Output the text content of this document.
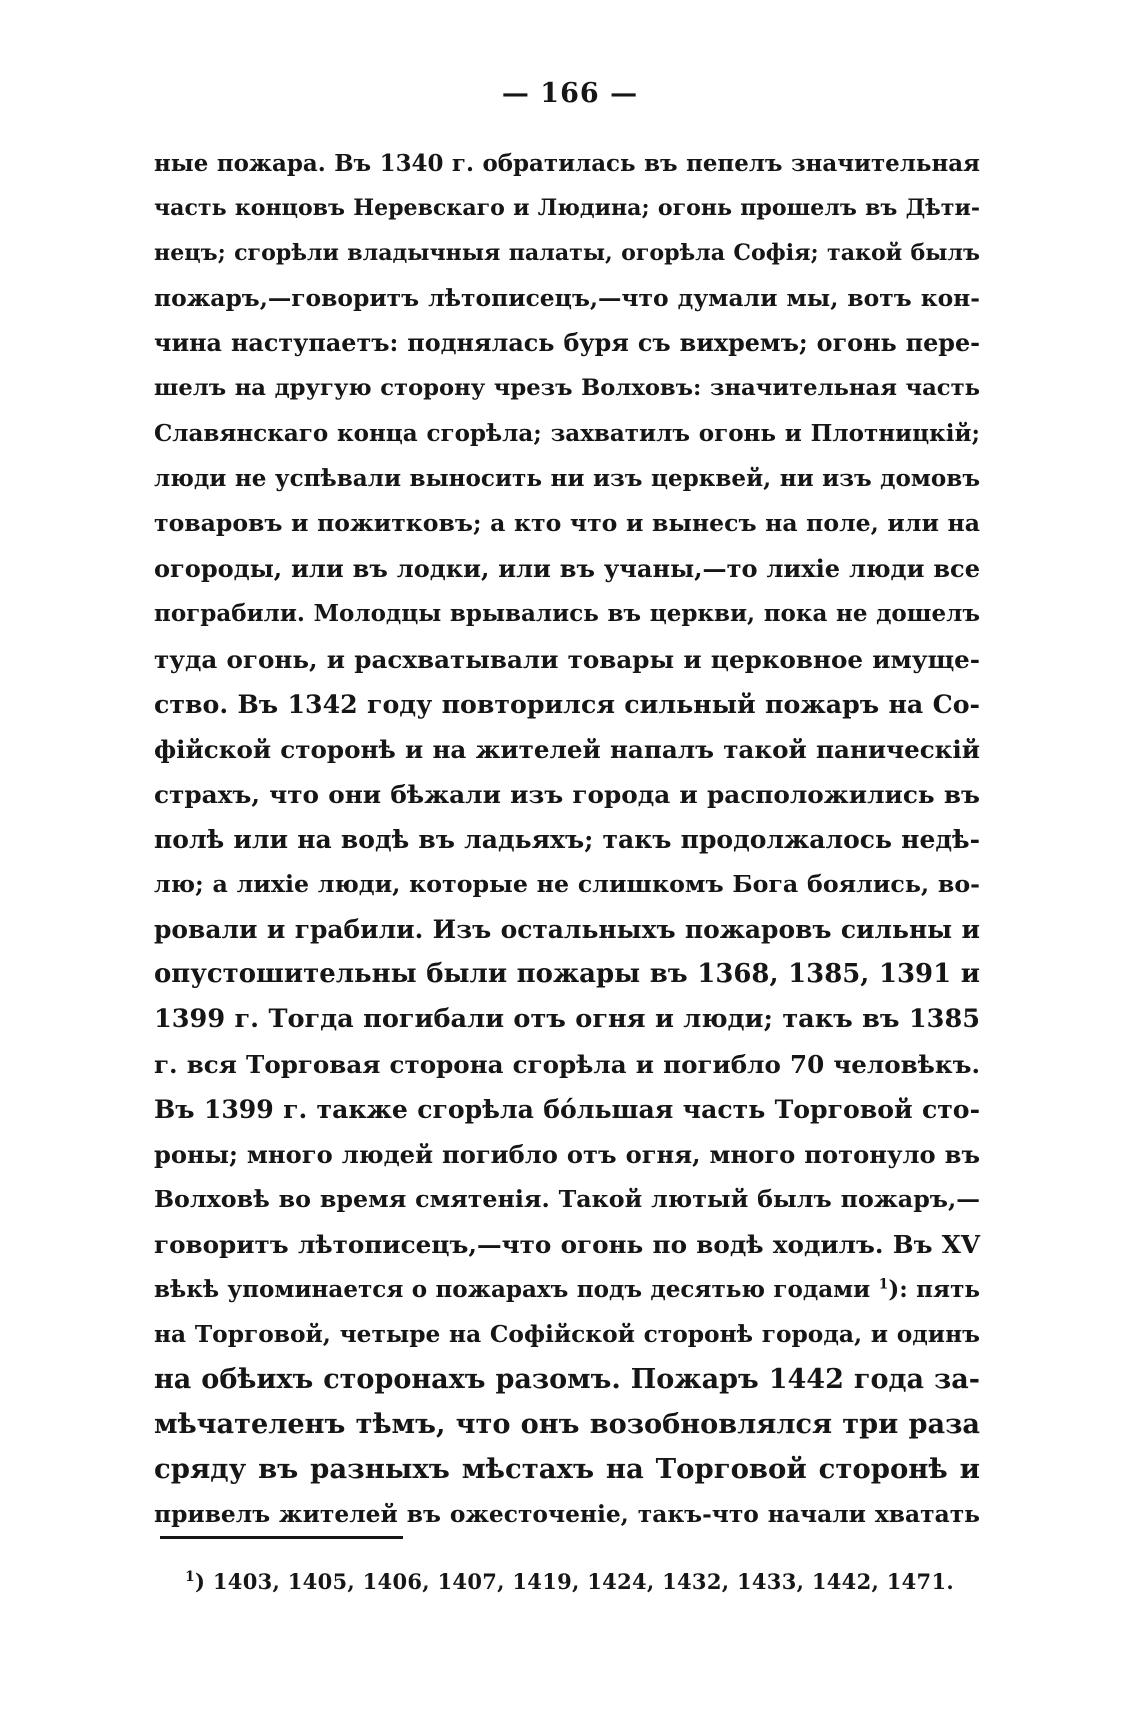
— 166 —
ные пожара. Въ 1340 г. обратилась въ пепелъ значительная
часть концовъ Неревскаго и Людина; огонь прошелъ въ Дѣти-
нецъ; сгорѣли владычныя палаты, огорѣла Софія; такой былъ
пожаръ,—говоритъ лѣтописецъ,—что думали мы, вотъ кон-
чина наступаетъ: поднялась буря съ вихремъ; огонь пере-
шелъ на другую сторону чрезъ Волховъ: значительная часть
Славянскаго конца сгорѣла; захватилъ огонь и Плотницкій;
люди не успѣвали выносить ни изъ церквей, ни изъ домовъ
товаровъ и пожитковъ; а кто что и вынесъ на поле, или на
огороды, или въ лодки, или въ учаны,—то лихіе люди все
пограбили. Молодцы врывались въ церкви, пока не дошелъ
туда огонь, и расхватывали товары и церковное имуще-
ство. Въ 1342 году повторился сильный пожаръ на Со-
фійской сторонѣ и на жителей напалъ такой паническій
страхъ, что они бѣжали изъ города и расположились въ
полѣ или на водѣ въ ладьяхъ; такъ продолжалось недѣ-
лю; а лихіе люди, которые не слишкомъ Бога боялись, во-
ровали и грабили. Изъ остальныхъ пожаровъ сильны и
опустошительны были пожары въ 1368, 1385, 1391 и
1399 г. Тогда погибали отъ огня и люди; такъ въ 1385
г. вся Торговая сторона сгорѣла и погибло 70 человѣкъ.
Въ 1399 г. также сгорѣла бо́льшая часть Торговой сто-
роны; много людей погибло отъ огня, много потонуло въ
Волховѣ во время смятенія. Такой лютый былъ пожаръ,—
говоритъ лѣтописецъ,—что огонь по водѣ ходилъ. Въ XV
вѣкѣ упоминается о пожарахъ подъ десятью годами $^1$): пять
на Торговой, четыре на Софійской сторонѣ города, и одинъ
на обѣихъ сторонахъ разомъ. Пожаръ 1442 года за-
мѣчателенъ тѣмъ, что онъ возобновлялся три раза
сряду въ разныхъ мѣстахъ на Торговой сторонѣ и
привелъ жителей въ ожесточеніе, такъ-что начали хватать
$^1$) 1403, 1405, 1406, 1407, 1419, 1424, 1432, 1433, 1442, 1471.
